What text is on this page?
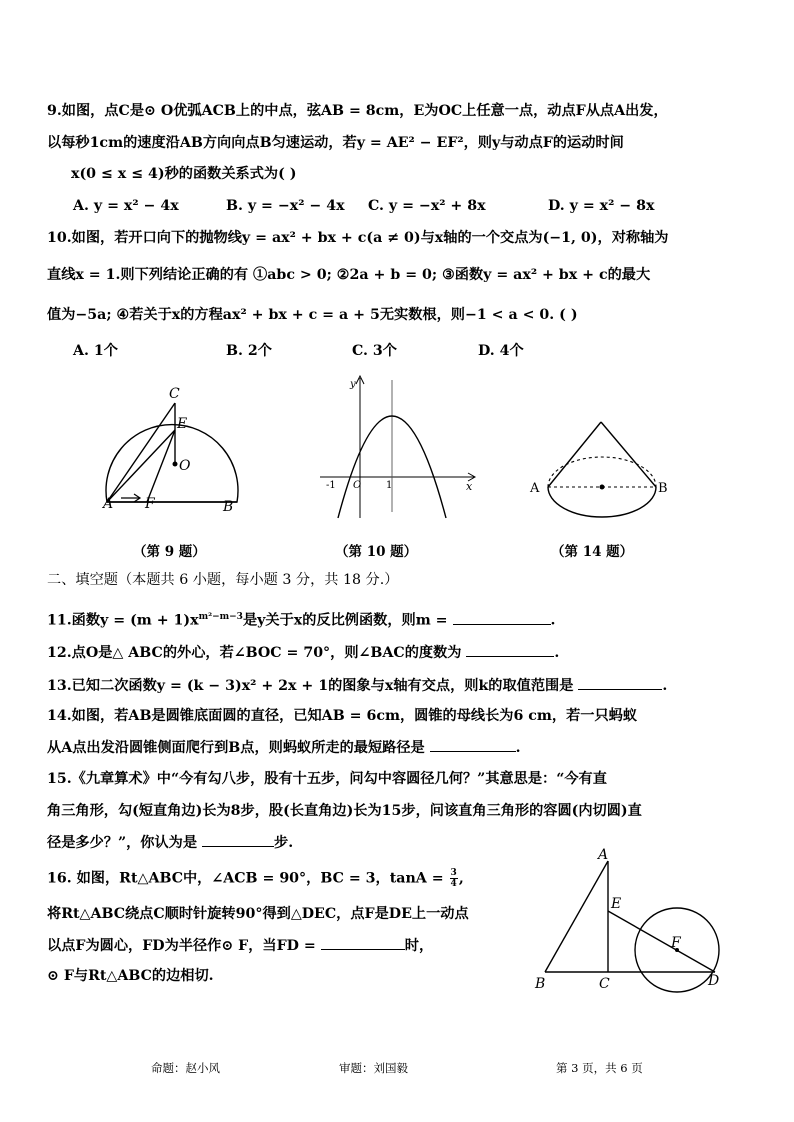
9.如图，点C是⊙ O优弧ACB上的中点，弦AB = 8cm，E为OC上任意一点，动点F从点A出发，
以每秒1cm的速度沿AB方向向点B匀速运动，若y = AE² − EF²，则y与动点F的运动时间
x(0 ≤ x ≤ 4)秒的函数关系式为( )
A. y = x² − 4x	B. y = −x² − 4x C. y = −x² + 8x	D. y = x² − 8x
10.如图，若开口向下的抛物线y = ax² + bx + c(a ≠ 0)与x轴的一个交点为(−1, 0)，对称轴为
直线x = 1.则下列结论正确的有 ①abc > 0; ②2a + b = 0; ③函数y = ax² + bx + c的最大
值为−5a; ④若关于x的方程ax² + bx + c = a + 5无实数根，则−1 < a < 0. ( )
A. 1个	B. 2个	C. 3个	D. 4个
C
E
O
A F	B
y
x
-1 O 1	A	B
（第 9 题）	（第 10 题）	（第 14 题）
二、填空题（本题共 6 小题，每小题 3 分，共 18 分.）
11.函数$y = (m + 1)x^{m^2-m-3}$是y关于x的反比例函数，则m =	.
12.点O是△ ABC的外心，若∠BOC = 70°，则∠BAC的度数为	.
13.已知二次函数y = (k − 3)x² + 2x + 1的图象与x轴有交点，则k的取值范围是	.
14.如图，若AB是圆锥底面圆的直径，已知AB = 6cm，圆锥的母线长为6 cm，若一只蚂蚁
从A点出发沿圆锥侧面爬行到B点，则蚂蚁所走的最短路径是	.
15.《九章算术》中“今有勾八步，股有十五步，问勾中容圆径几何？”其意思是：“今有直
角三角形，勾(短直角边)长为8步，股(长直角边)长为15步，问该直角三角形的容圆(内切圆)直
径是多少？”，你认为是	步.
16. 如图，Rt△ABC中，∠ACB = 90°，BC = 3，$\tan A = \frac{3}{4}$ ,
将Rt△ABC绕点C顺时针旋转90°得到△DEC，点F是DE上一动点
以点F为圆心，FD为半径作⊙ F，当FD =	时，
⊙ F与Rt△ABC的边相切.
A
E
F
B	C	D
命题：赵小风	审题：刘国毅	第 3 页，共 6 页
